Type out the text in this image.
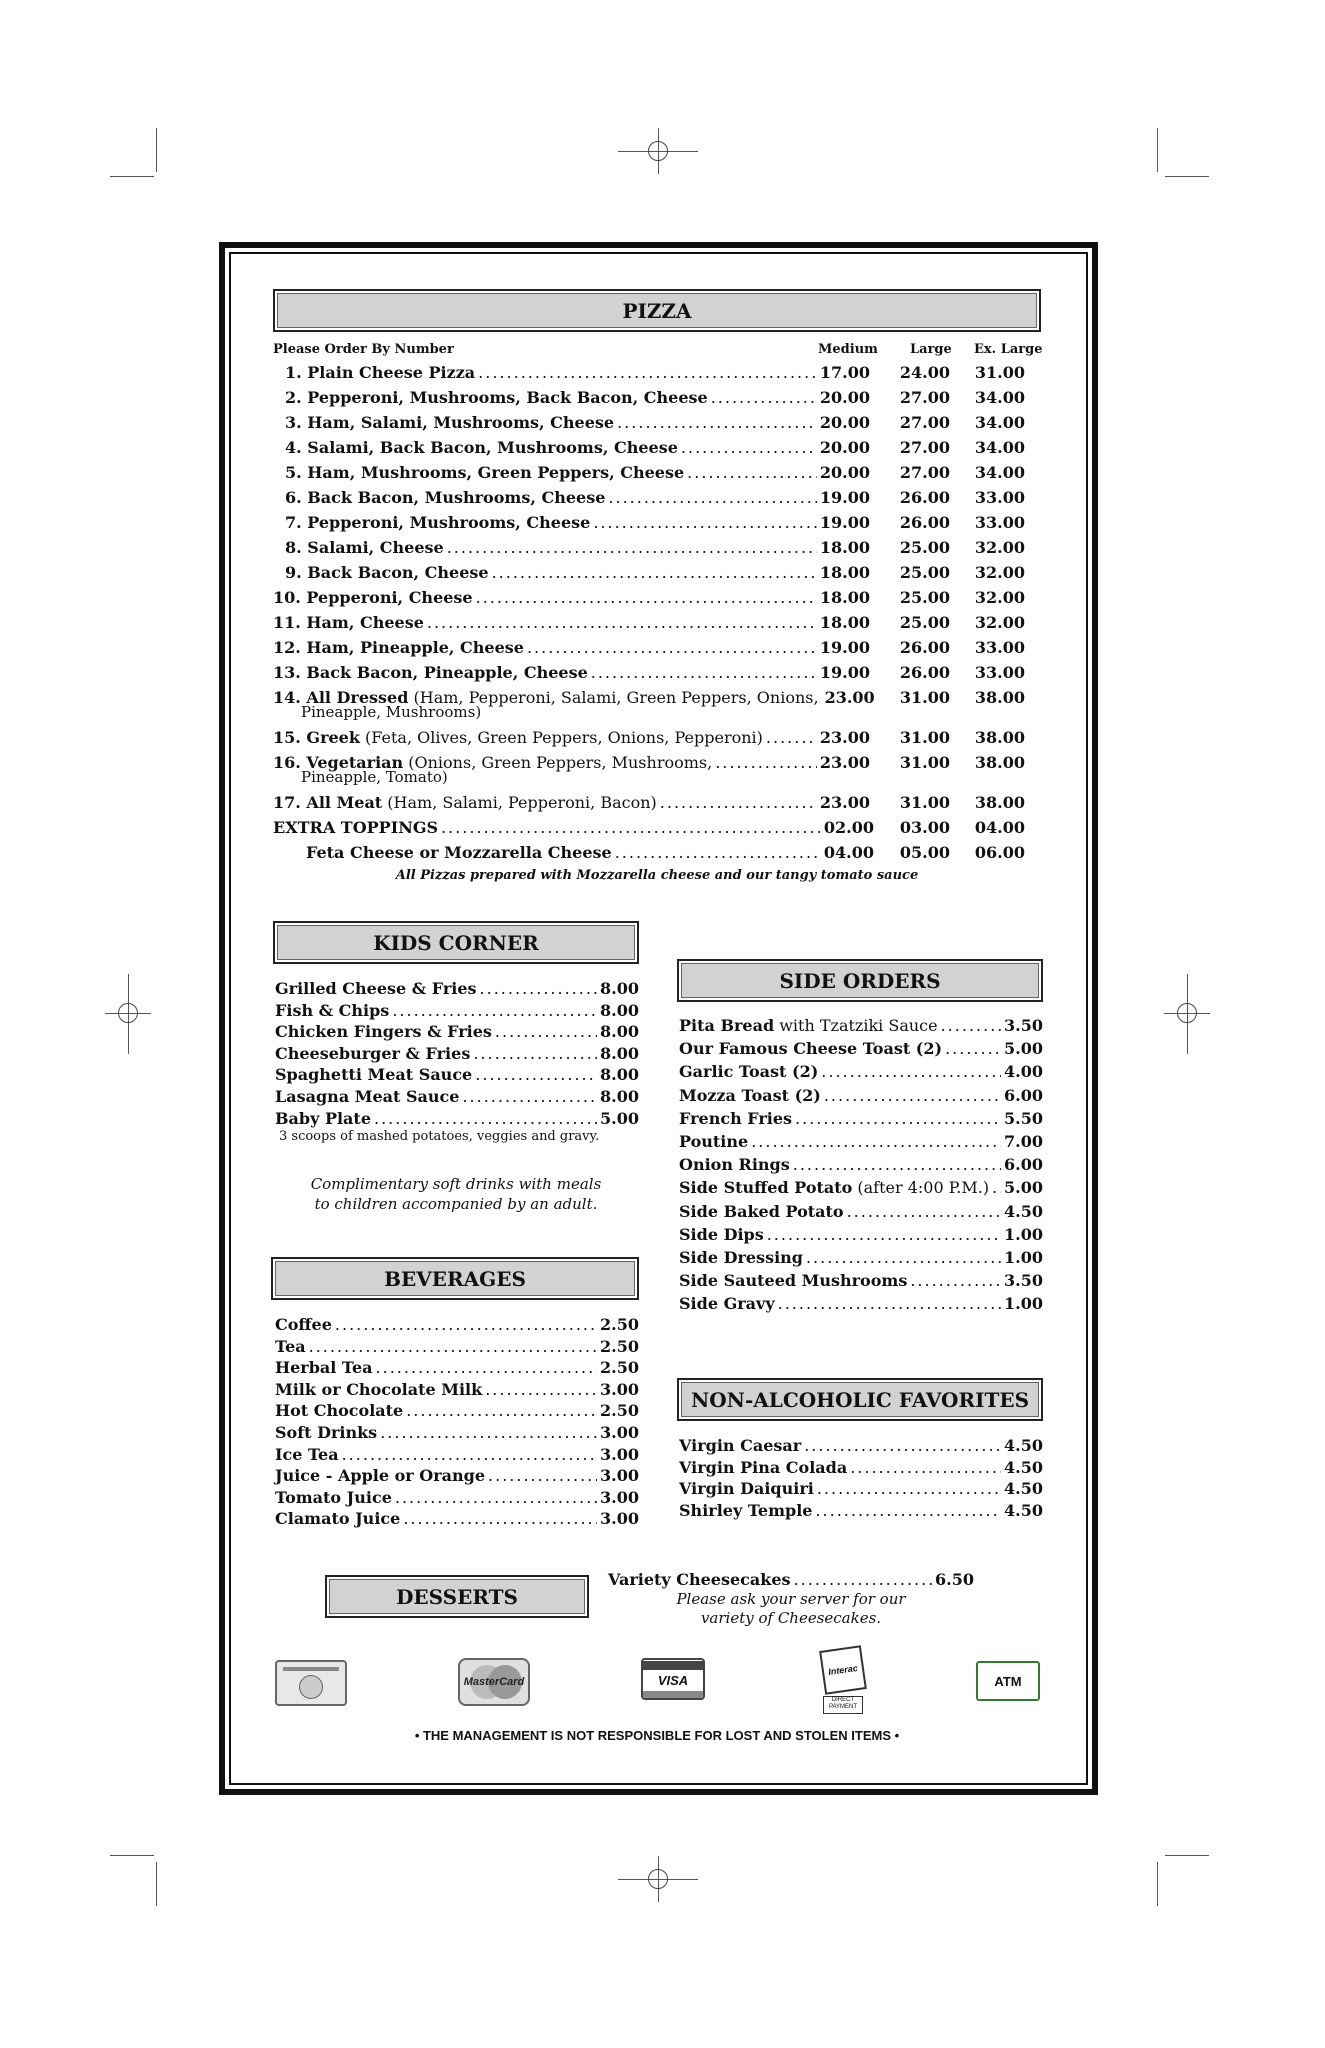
PIZZA
Please Order By Number	Medium Large Ex. Large
1. Plain Cheese Pizza .....	17.00	24.00	31.00
2. Pepperoni, Mushrooms, Back Bacon, Cheese .....	20.00	27.00	34.00
3. Ham, Salami, Mushrooms, Cheese .....	20.00	27.00	34.00
4. Salami, Back Bacon, Mushrooms, Cheese .....	20.00	27.00	34.00
5. Ham, Mushrooms, Green Peppers, Cheese .....	20.00	27.00	34.00
6. Back Bacon, Mushrooms, Cheese .....	19.00	26.00	33.00
7. Pepperoni, Mushrooms, Cheese .....	19.00	26.00	33.00
8. Salami, Cheese .....	18.00	25.00	32.00
9. Back Bacon, Cheese .....	18.00	25.00	32.00
10. Pepperoni, Cheese .....	18.00	25.00	32.00
11. Ham, Cheese .....	18.00	25.00	32.00
12. Ham, Pineapple, Cheese .....	19.00	26.00	33.00
13. Back Bacon, Pineapple, Cheese .....	19.00	26.00	33.00
14. All Dressed (Ham, Pepperoni, Salami, Green Peppers, Onions, 23.00	31.00	38.00
Pineapple, Mushrooms)
15. Greek (Feta, Olives, Green Peppers, Onions, Pepperoni) .....	23.00	31.00	38.00
16. Vegetarian (Onions, Green Peppers, Mushrooms, .....	23.00	31.00	38.00
Pineapple, Tomato)
17. All Meat (Ham, Salami, Pepperoni, Bacon) .....	23.00	31.00	38.00
EXTRA TOPPINGS .....	02.00	03.00	04.00
Feta Cheese or Mozzarella Cheese .....	04.00	05.00	06.00
All Pizzas prepared with Mozzarella cheese and our tangy tomato sauce
KIDS CORNER
Grilled Cheese & Fries .....	8.00
Fish & Chips .....	8.00
Chicken Fingers & Fries .....	8.00
Cheeseburger & Fries .....	8.00
Spaghetti Meat Sauce .....	8.00
Lasagna Meat Sauce .....	8.00
Baby Plate .....	5.00
3 scoops of mashed potatoes, veggies and gravy.
Complimentary soft drinks with meals
to children accompanied by an adult.
BEVERAGES
Coffee .....	2.50
Tea .....	2.50
Herbal Tea .....	2.50
Milk or Chocolate Milk .....	3.00
Hot Chocolate .....	2.50
Soft Drinks .....	3.00
Ice Tea .....	3.00
Juice - Apple or Orange .....	3.00
Tomato Juice .....	3.00
Clamato Juice .....	3.00
SIDE ORDERS
Pita Bread with Tzatziki Sauce .....	3.50
Our Famous Cheese Toast (2) .....	5.00
Garlic Toast (2) .....	4.00
Mozza Toast (2) .....	6.00
French Fries .....	5.50
Poutine .....	7.00
Onion Rings .....	6.00
Side Stuffed Potato (after 4:00 P.M.) ..... 5.00
Side Baked Potato .....	4.50
Side Dips .....	1.00
Side Dressing .....	1.00
Side Sauteed Mushrooms .....	3.50
Side Gravy .....	1.00
NON-ALCOHOLIC FAVORITES
Virgin Caesar .....	4.50
Virgin Pina Colada .....	4.50
Virgin Daiquiri .....	4.50
Shirley Temple .....	4.50
DESSERTS
Variety Cheesecakes .....	6.50
Please ask your server for our
variety of Cheesecakes.
MasterCard	VISA
Interac
DIRECT PAYMENT
ATM
• THE MANAGEMENT IS NOT RESPONSIBLE FOR LOST AND STOLEN ITEMS •
